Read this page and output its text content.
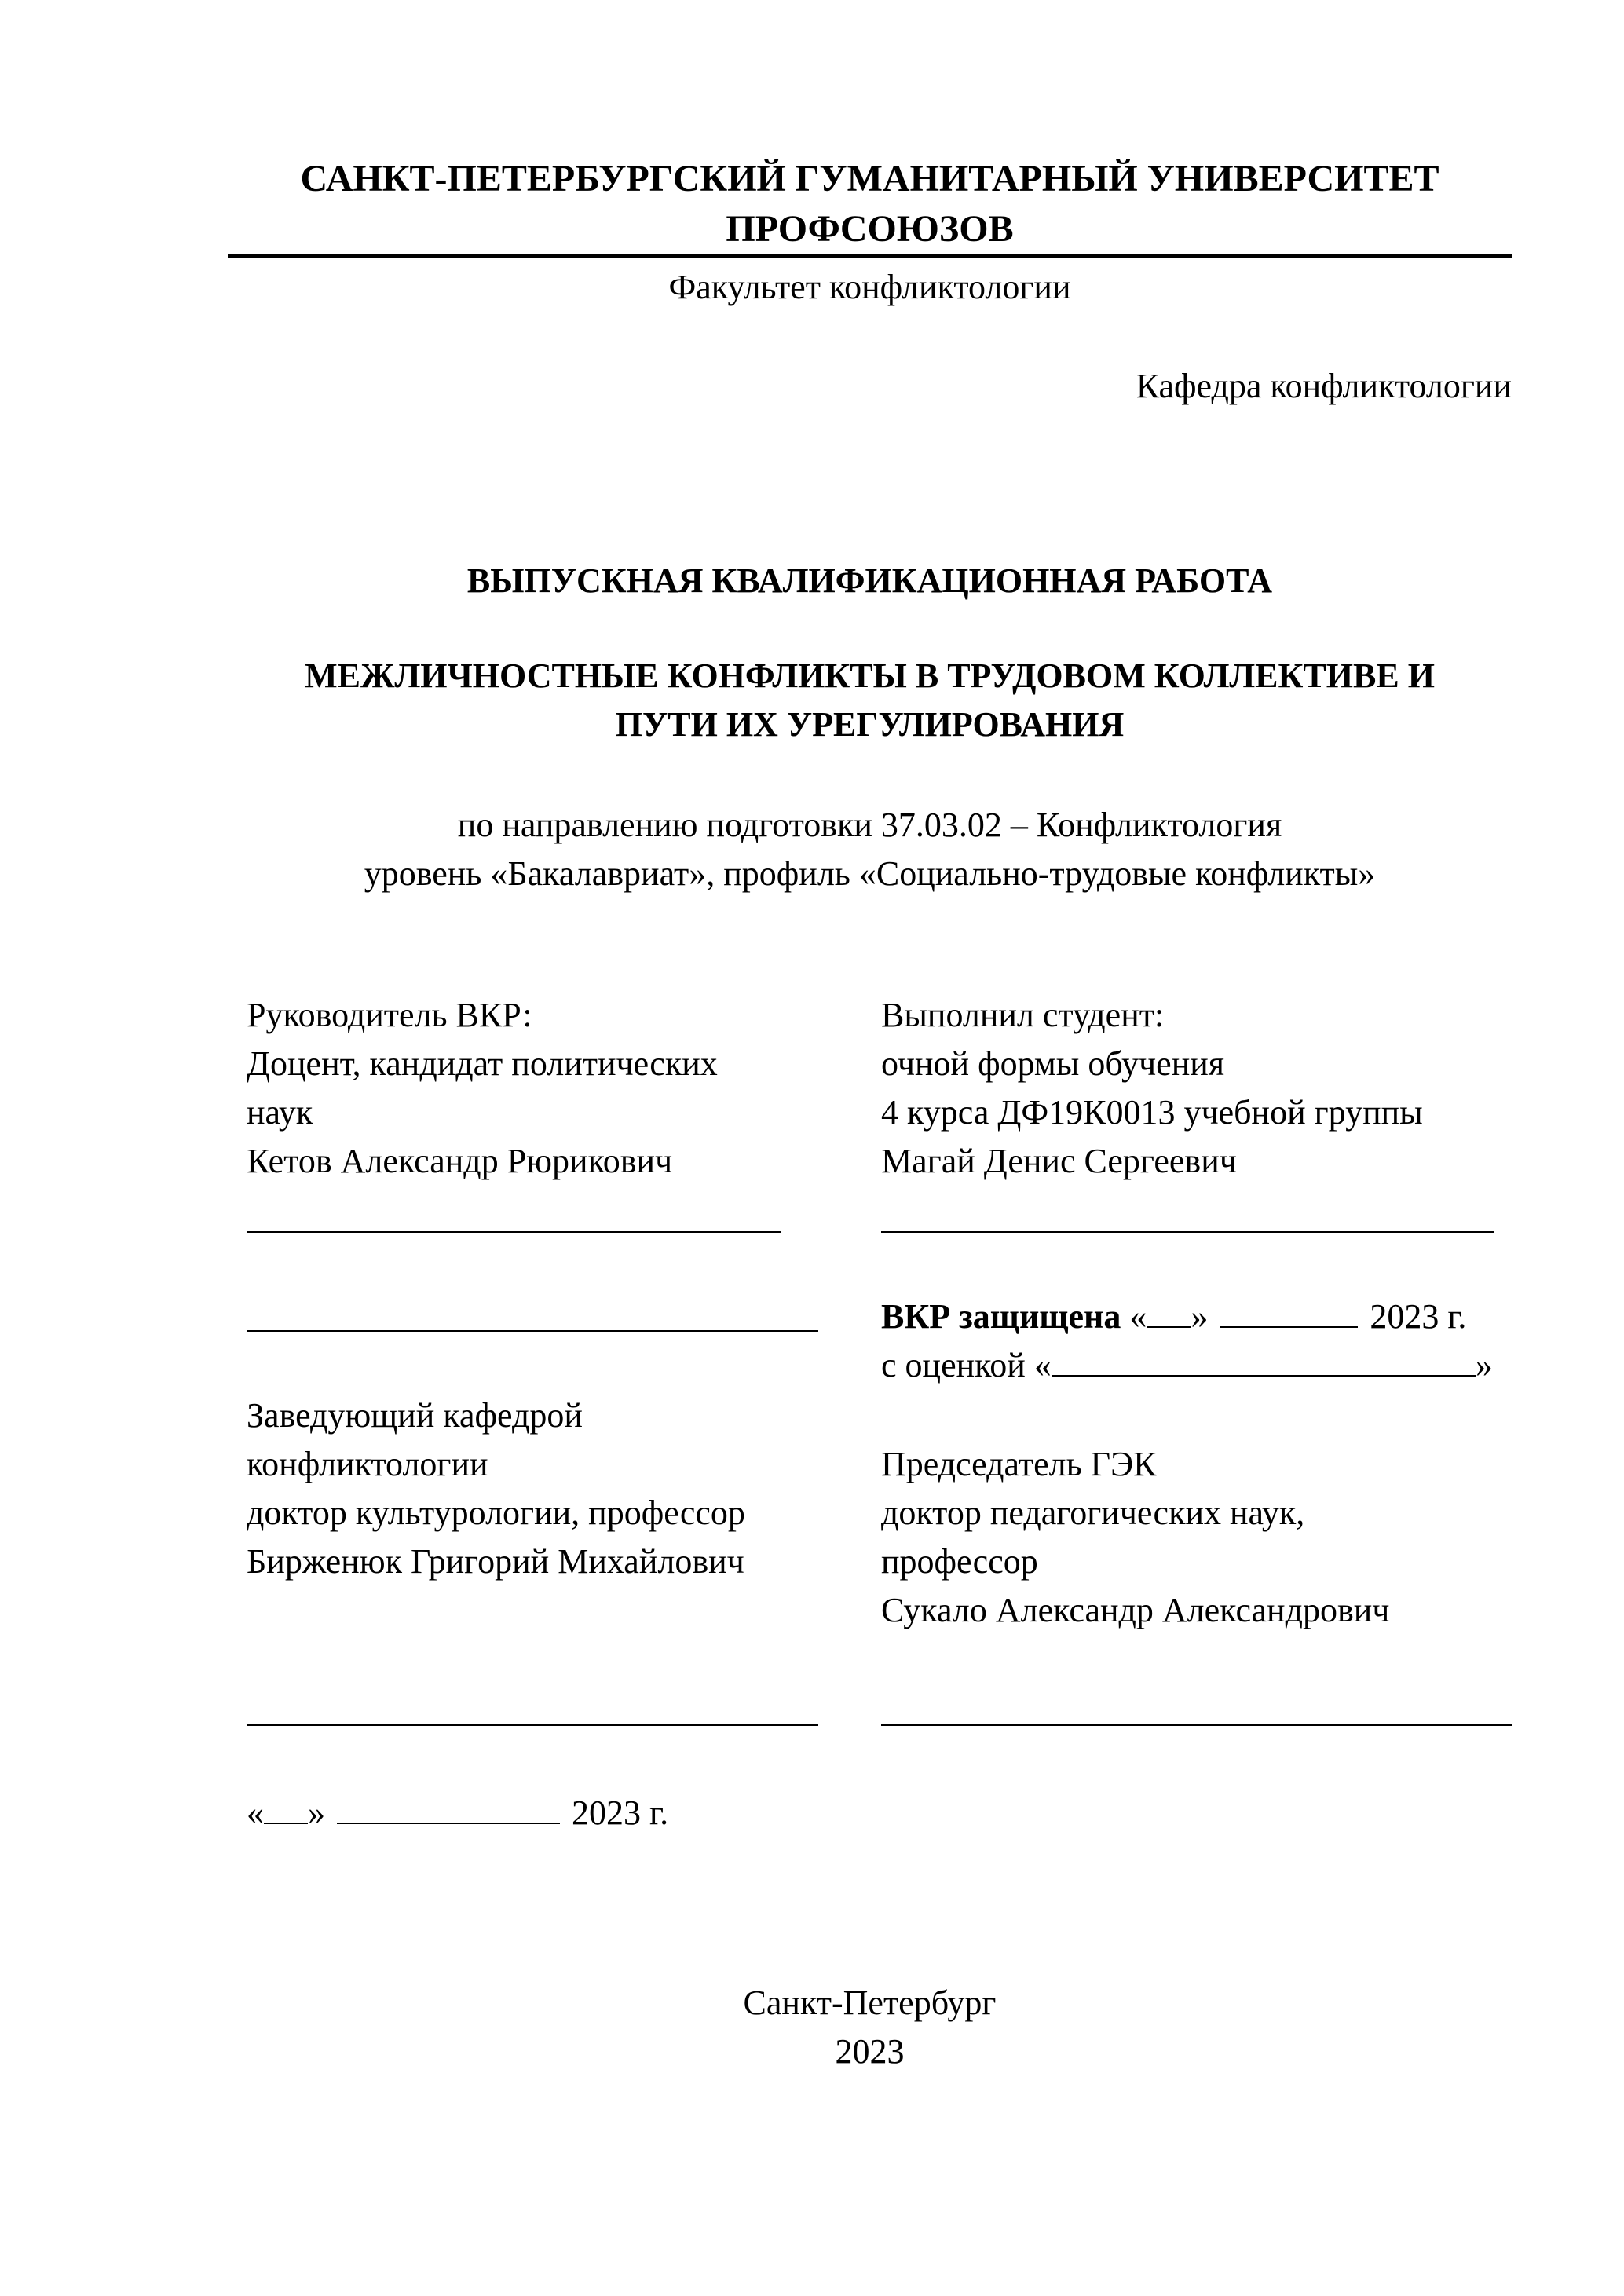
САНКТ-ПЕТЕРБУРГСКИЙ ГУМАНИТАРНЫЙ УНИВЕРСИТЕТ
ПРОФСОЮЗОВ
Факультет конфликтологии
Кафедра конфликтологии
ВЫПУСКНАЯ КВАЛИФИКАЦИОННАЯ РАБОТА
МЕЖЛИЧНОСТНЫЕ КОНФЛИКТЫ В ТРУДОВОМ КОЛЛЕКТИВЕ И
ПУТИ ИХ УРЕГУЛИРОВАНИЯ
по направлению подготовки 37.03.02 – Конфликтология
уровень «Бакалавриат», профиль «Социально-трудовые конфликты»
Руководитель ВКР:
Доцент, кандидат политических
наук
Кетов Александр Рюрикович
Выполнил студент:
очной формы обучения
4 курса ДФ19К0013 учебной группы
Магай Денис Сергеевич
ВКР защищена « »	2023 г.
с оценкой «	»
Заведующий кафедрой
конфликтологии
доктор культурологии, профессор
Бирженюк Григорий Михайлович
Председатель ГЭК
доктор педагогических наук,
профессор
Сукало Александр Александрович
« »	2023 г.
Санкт-Петербург
2023
